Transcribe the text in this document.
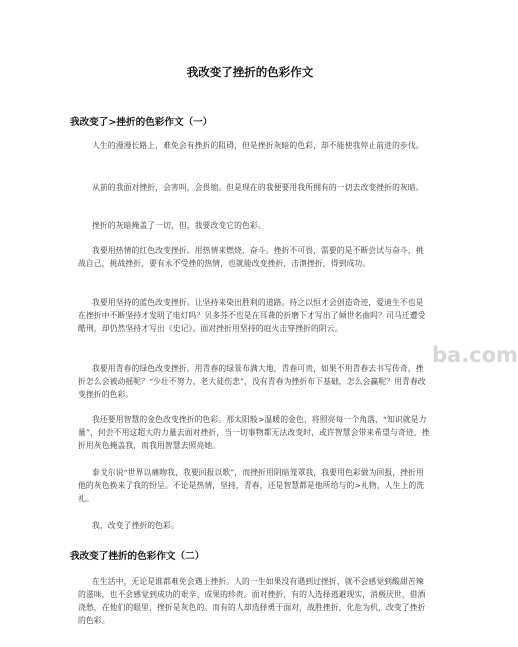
我改变了挫折的色彩作文
我改变了>挫折的色彩作文（一）
人生的漫漫长路上，难免会有挫折的阻碍，但是挫折灰暗的色彩，却不能使我停止前进的步伐。
从前的我面对挫折，会害叫，会畏缩。但是现在的我便要用我所拥有的一切去改变挫折的灰暗。
挫折的灰暗掩盖了一切，但，我要改变它的色彩。
我要用热情的红色改变挫折。用热情来燃烧，奋斗。挫折不可畏，需要的是不断尝试与奋斗，挑战自己，挑战挫折，要有永不受挫的热情，也就能改变挫折，击溃挫折，得到成功。
我要用坚持的蓝色改变挫折。让坚持来染出胜利的道路。持之以恒才会创造奇迹，爱迪生不也是在挫折中不断坚持才发明了电灯吗？贝多芬不也是在耳聋的折磨下才写出了倾世名曲吗？司马迁遭受酷刑，却仍然坚持才写出《史记》。面对挫折用坚持的庭火击穿挫折的阴云。
我要用青春的绿色改变挫折，用青春的绿景布满大地，青春可贵，如果不用青春去书写传奇，挫折怎么会被动摇呢？“少壮不努力，老大徒伤悲”，没有青春为挫折布下基础，怎么会赢呢？用青春改变挫折的色彩。
我还要用智慧的金色改变挫折的色彩。那太阳般>温暖的金色，将照亮每一个角落，“知识就是力量”，何尝不用这超大的力量去面对挫折，当一切事物都无法改变时，或许智慧会带来希望与奇迹，挫折用灰色掩盖我，而我用智慧去照亮她。
泰戈尔说“世界以痛吻我，我要回报以歌”，而挫折用阴暗笼罩我，我要用色彩做为回报，挫折用他的灰色换来了我的纷呈。不论是热情，坚持，青春，还是智慧都是他所给与的>礼物，人生上的洗礼。
我，改变了挫折的色彩。
我改变了挫折的色彩作文（二）
在生活中，无论是谁都难免会遇上挫折。人的一生如果没有遇到过挫折，就不会感觉到酸甜苦辣的滋味，也不会感觉到成功的艰辛、成果的珍贵。面对挫折，有的人选择逃避现实，消极厌世，借酒浇愁，在他们的眼里，挫折是灰色的。而有的人却选择勇于面对，战胜挫折，化危为机，改变了挫折的色彩。
ba.com
